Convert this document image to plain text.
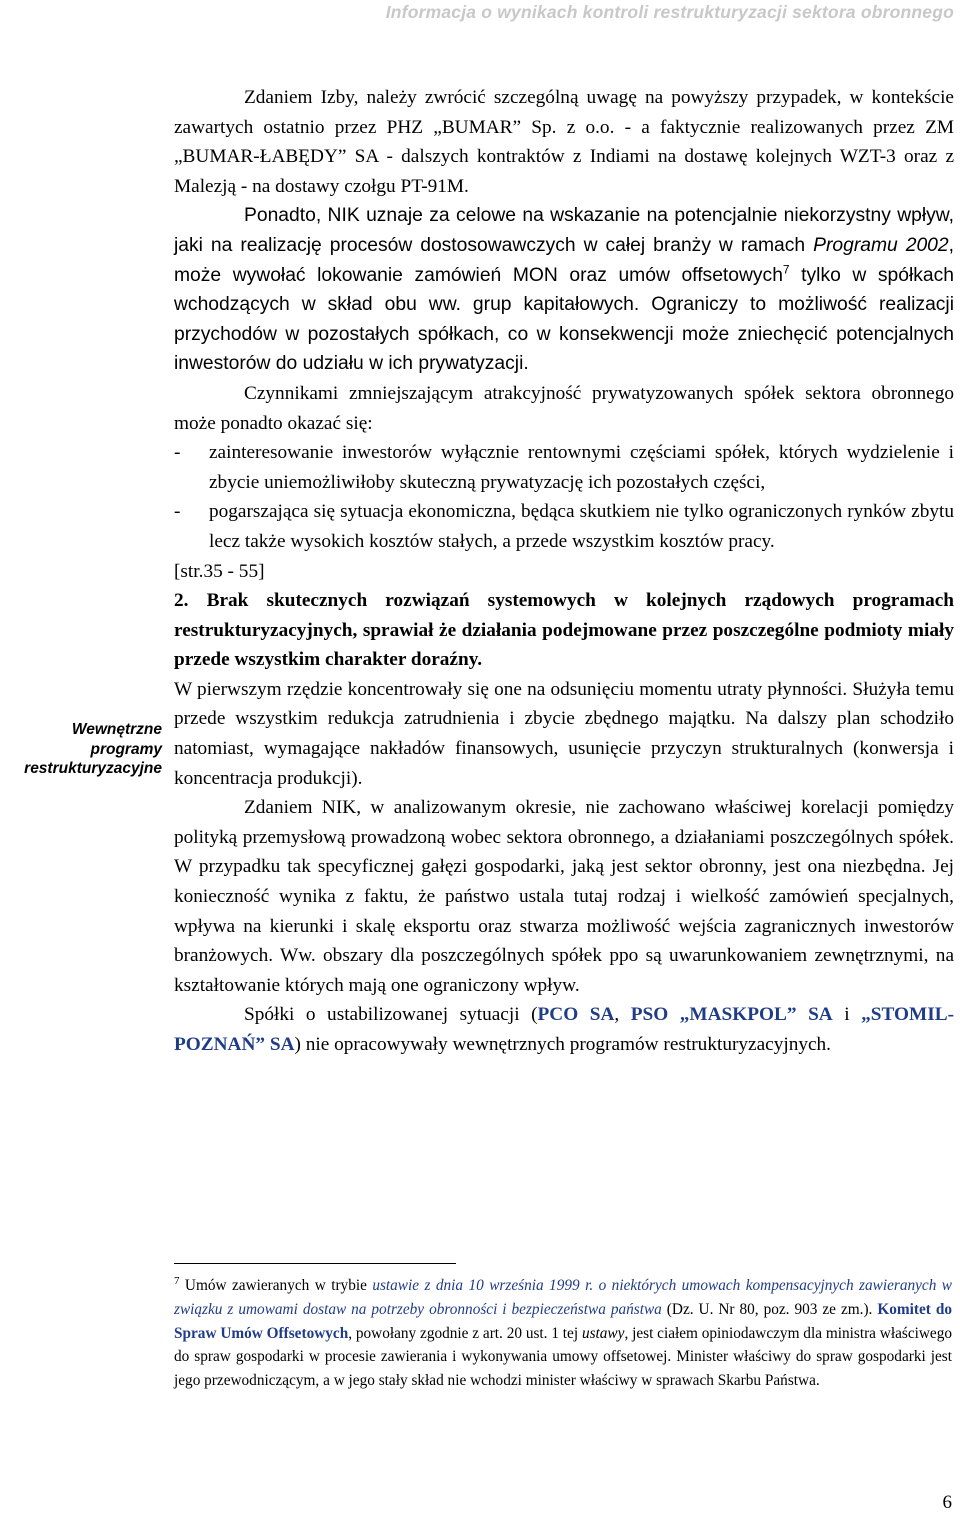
Informacja o wynikach kontroli restrukturyzacji sektora obronnego

Zdaniem Izby, należy zwrócić szczególną uwagę na powyższy przypadek, w kontekście zawartych ostatnio przez PHZ „BUMAR” Sp. z o.o. - a faktycznie realizowanych przez ZM „BUMAR-ŁABĘDY” SA - dalszych kontraktów z Indiami na dostawę kolejnych WZT-3 oraz z Malezją - na dostawy czołgu PT-91M.

Ponadto, NIK uznaje za celowe na wskazanie na potencjalnie niekorzystny wpływ, jaki na realizację procesów dostosowawczych w całej branży w ramach Programu 2002, może wywołać lokowanie zamówień MON oraz umów offsetowych$^7$ tylko w spółkach wchodzących w skład obu ww. grup kapitałowych. Ograniczy to możliwość realizacji przychodów w pozostałych spółkach, co w konsekwencji może zniechęcić potencjalnych inwestorów do udziału w ich prywatyzacji.

Czynnikami zmniejszającym atrakcyjność prywatyzowanych spółek sektora obronnego może ponadto okazać się:

-	zainteresowanie inwestorów wyłącznie rentownymi częściami spółek, których wydzielenie i zbycie uniemożliwiłoby skuteczną prywatyzację ich pozostałych części,
-	pogarszająca się sytuacja ekonomiczna, będąca skutkiem nie tylko ograniczonych rynków zbytu lecz także wysokich kosztów stałych, a przede wszystkim kosztów pracy.

[str.35 - 55]

2. Brak skutecznych rozwiązań systemowych w kolejnych rządowych programach restrukturyzacyjnych, sprawiał że działania podejmowane przez poszczególne podmioty miały przede wszystkim charakter doraźny.

W pierwszym rzędzie koncentrowały się one na odsunięciu momentu utraty płynności. Służyła temu przede wszystkim redukcja zatrudnienia i zbycie zbędnego majątku. Na dalszy plan schodziło natomiast, wymagające nakładów finansowych, usunięcie przyczyn strukturalnych (konwersja i koncentracja produkcji).

Zdaniem NIK, w analizowanym okresie, nie zachowano właściwej korelacji pomiędzy polityką przemysłową prowadzoną wobec sektora obronnego, a działaniami poszczególnych spółek. W przypadku tak specyficznej gałęzi gospodarki, jaką jest sektor obronny, jest ona niezbędna. Jej konieczność wynika z faktu, że państwo ustala tutaj rodzaj i wielkość zamówień specjalnych, wpływa na kierunki i skalę eksportu oraz stwarza możliwość wejścia zagranicznych inwestorów branżowych. Ww. obszary dla poszczególnych spółek ppo są uwarunkowaniem zewnętrznymi, na kształtowanie których mają one ograniczony wpływ.

Spółki o ustabilizowanej sytuacji (PCO SA, PSO „MASKPOL” SA i „STOMIL-POZNAŃ” SA) nie opracowywały wewnętrznych programów restrukturyzacyjnych.

Wewnętrzne
programy
restrukturyzacyjne
$^7$ Umów zawieranych w trybie ustawie z dnia 10 września 1999 r. o niektórych umowach kompensacyjnych zawieranych w związku z umowami dostaw na potrzeby obronności i bezpieczeństwa państwa (Dz. U. Nr 80, poz. 903 ze zm.). Komitet do Spraw Umów Offsetowych, powołany zgodnie z art. 20 ust. 1 tej ustawy, jest ciałem opiniodawczym dla ministra właściwego do spraw gospodarki w procesie zawierania i wykonywania umowy offsetowej. Minister właściwy do spraw gospodarki jest jego przewodniczącym, a w jego stały skład nie wchodzi minister właściwy w sprawach Skarbu Państwa.
6
